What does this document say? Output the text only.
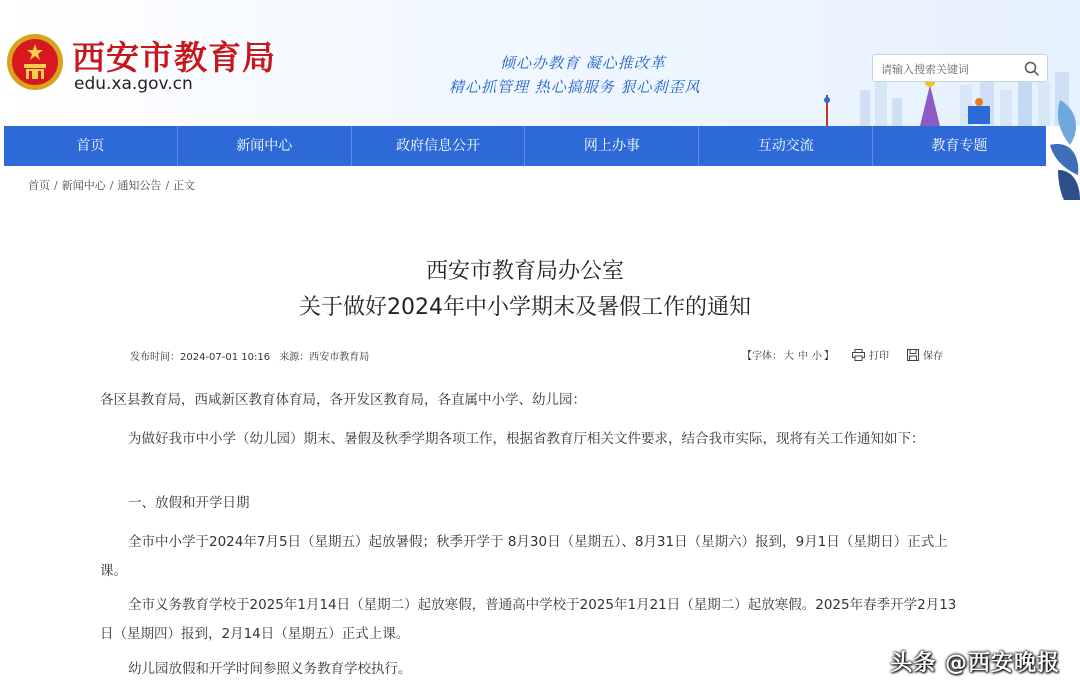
西安市教育局
edu.xa.gov.cn
倾心办教育 凝心推改革
精心抓管理 热心搞服务 狠心刹歪风
请输入搜索关键词
首页	新闻中心	政府信息公开	网上办事	互动交流	教育专题
首页 / 新闻中心 / 通知公告 / 正文
西安市教育局办公室
关于做好2024年中小学期末及暑假工作的通知
发布时间：2024-07-01 10:16 来源：西安市教育局	【字体： 大 中 小 】	打印	保存
各区县教育局，西咸新区教育体育局，各开发区教育局，各直属中小学、幼儿园：
为做好我市中小学（幼儿园）期末、暑假及秋季学期各项工作，根据省教育厅相关文件要求，结合我市实际，现将有关工作通知如下：
一、放假和开学日期
全市中小学于2024年7月5日（星期五）起放暑假；秋季开学于 8月30日（星期五）、8月31日（星期六）报到，9月1日（星期日）正式上课。
全市义务教育学校于2025年1月14日（星期二）起放寒假，普通高中学校于2025年1月21日（星期二）起放寒假。2025年春季开学2月13日（星期四）报到，2月14日（星期五）正式上课。
幼儿园放假和开学时间参照义务教育学校执行。	头条 @西安晚报
